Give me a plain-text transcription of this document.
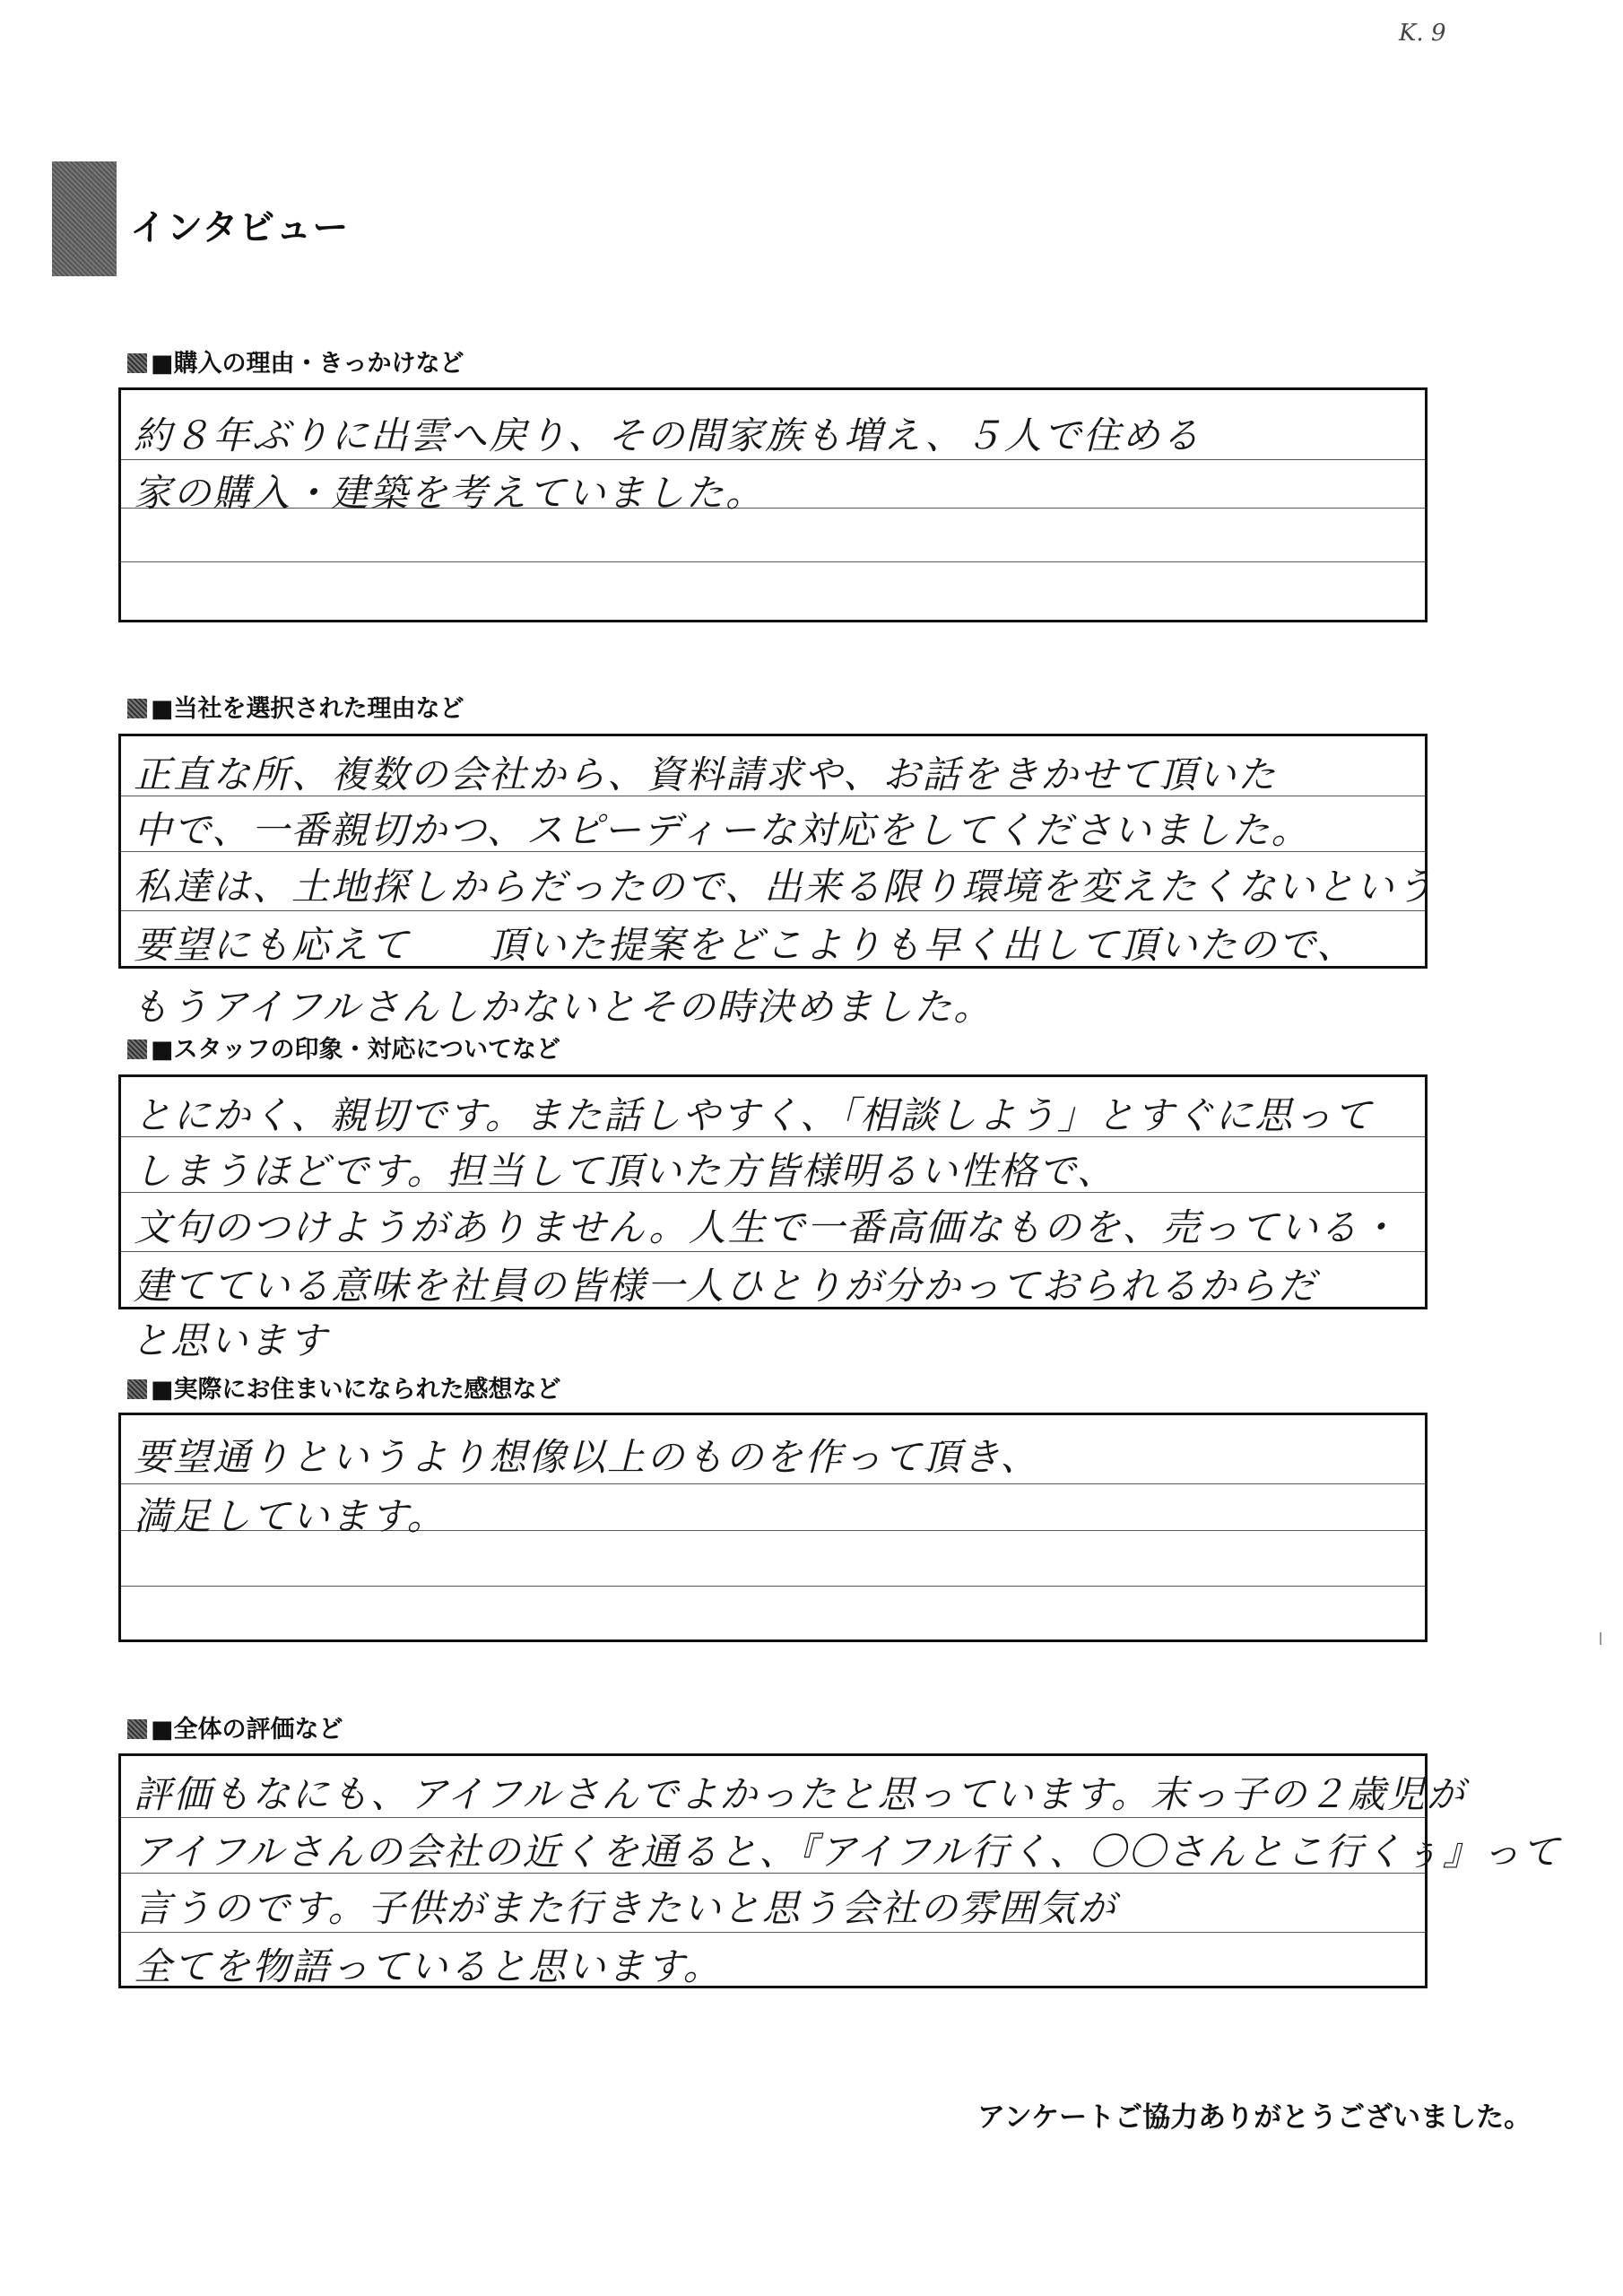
K. 9
インタビュー
■購入の理由・きっかけなど
約８年ぶりに出雲へ戻り、その間家族も増え、５人で住める
家の購入・建築を考えていました。
■当社を選択された理由など
正直な所、複数の会社から、資料請求や、お話をきかせて頂いた
中で、一番親切かつ、スピーディーな対応をしてくださいました。
私達は、土地探しからだったので、出来る限り環境を変えたくないという
要望にも応えて　　頂いた提案をどこよりも早く出して頂いたので、
もうアイフルさんしかないとその時決めました。
■スタッフの印象・対応についてなど
とにかく、親切です。また話しやすく、「相談しよう」とすぐに思って
しまうほどです。担当して頂いた方皆様明るい性格で、
文句のつけようがありません。人生で一番高価なものを、売っている・
建てている意味を社員の皆様一人ひとりが分かっておられるからだ
と思います
■実際にお住まいになられた感想など
要望通りというより想像以上のものを作って頂き、
満足しています。
■全体の評価など
評価もなにも、アイフルさんでよかったと思っています。末っ子の２歳児が
アイフルさんの会社の近くを通ると、『アイフル行く、〇〇さんとこ行くぅ』って
言うのです。子供がまた行きたいと思う会社の雰囲気が
全てを物語っていると思います。
アンケートご協力ありがとうございました。
